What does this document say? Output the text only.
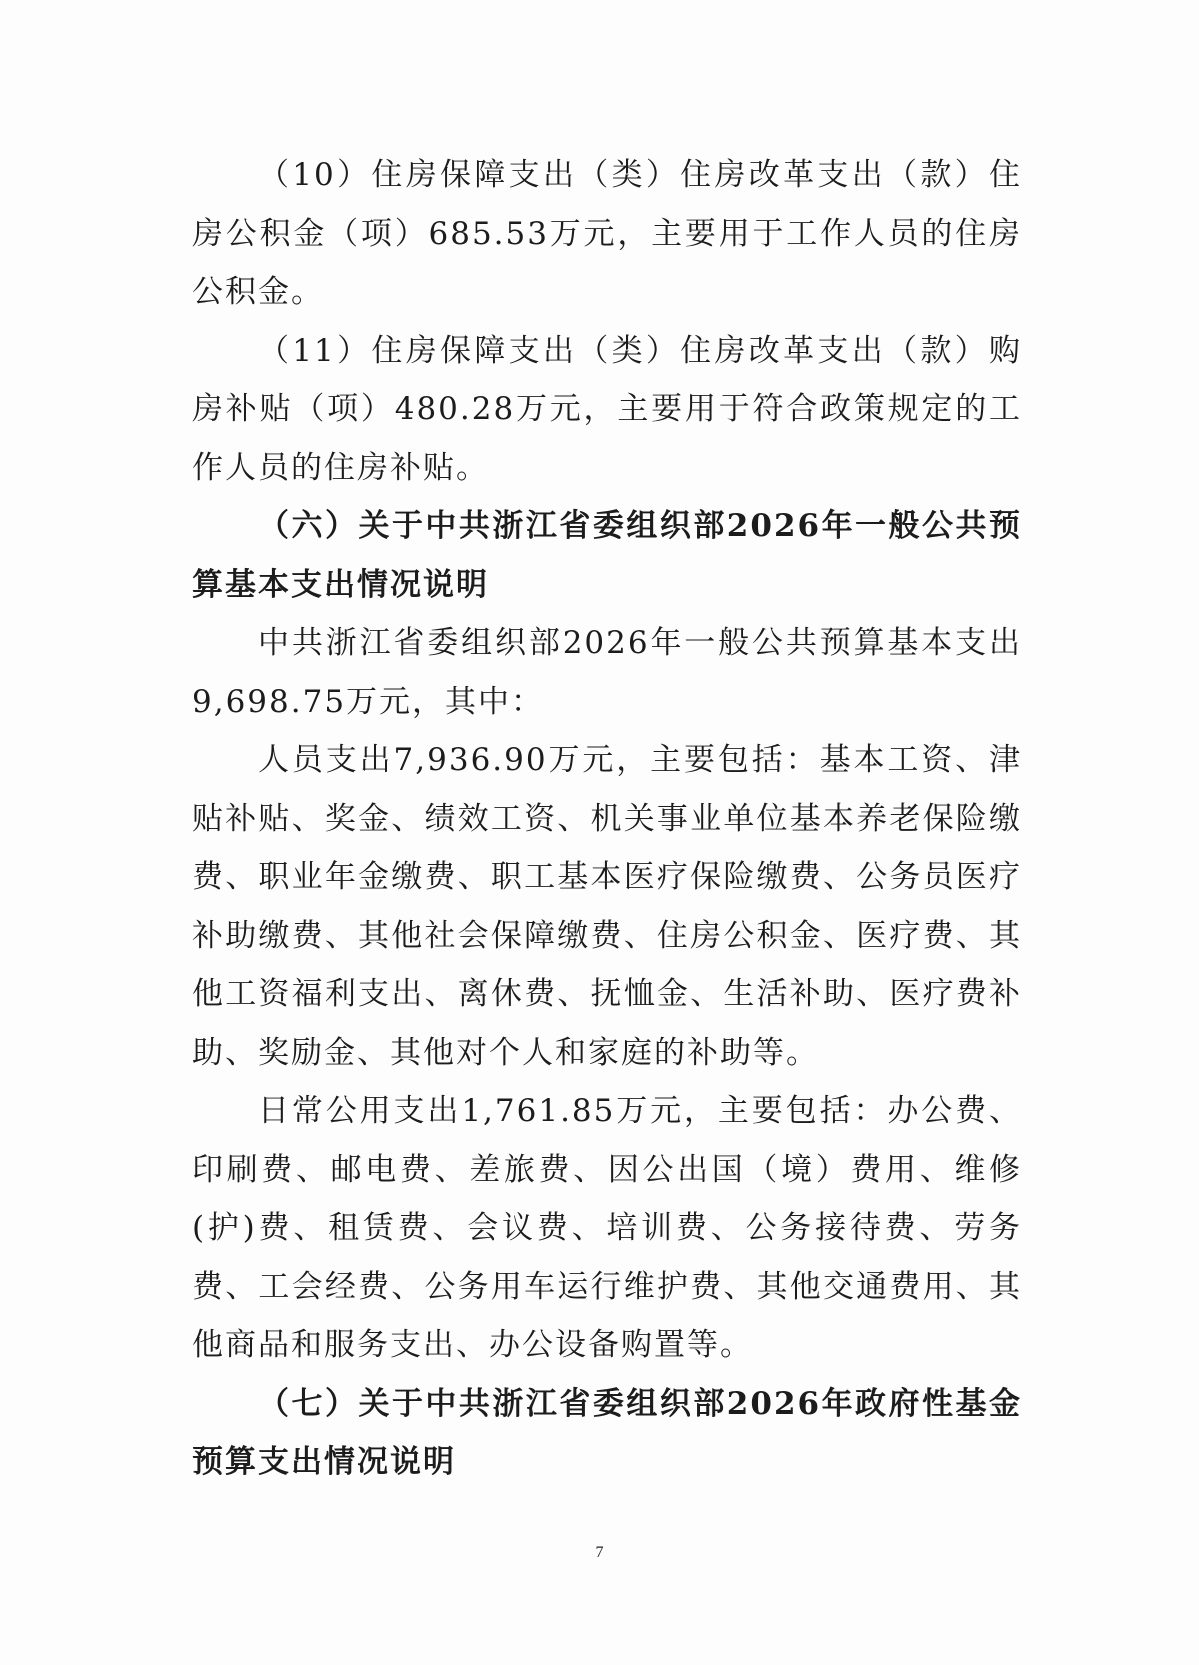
（10）住房保障支出（类）住房改革支出（款）住房公积金（项）685.53万元，主要用于工作人员的住房公积金。

（11）住房保障支出（类）住房改革支出（款）购房补贴（项）480.28万元，主要用于符合政策规定的工作人员的住房补贴。

（六）关于中共浙江省委组织部2026年一般公共预算基本支出情况说明

中共浙江省委组织部2026年一般公共预算基本支出9,698.75万元，其中：

人员支出7,936.90万元，主要包括：基本工资、津贴补贴、奖金、绩效工资、机关事业单位基本养老保险缴费、职业年金缴费、职工基本医疗保险缴费、公务员医疗补助缴费、其他社会保障缴费、住房公积金、医疗费、其他工资福利支出、离休费、抚恤金、生活补助、医疗费补助、奖励金、其他对个人和家庭的补助等。

日常公用支出1,761.85万元，主要包括：办公费、印刷费、邮电费、差旅费、因公出国（境）费用、维修(护)费、租赁费、会议费、培训费、公务接待费、劳务费、工会经费、公务用车运行维护费、其他交通费用、其他商品和服务支出、办公设备购置等。

（七）关于中共浙江省委组织部2026年政府性基金预算支出情况说明

7
